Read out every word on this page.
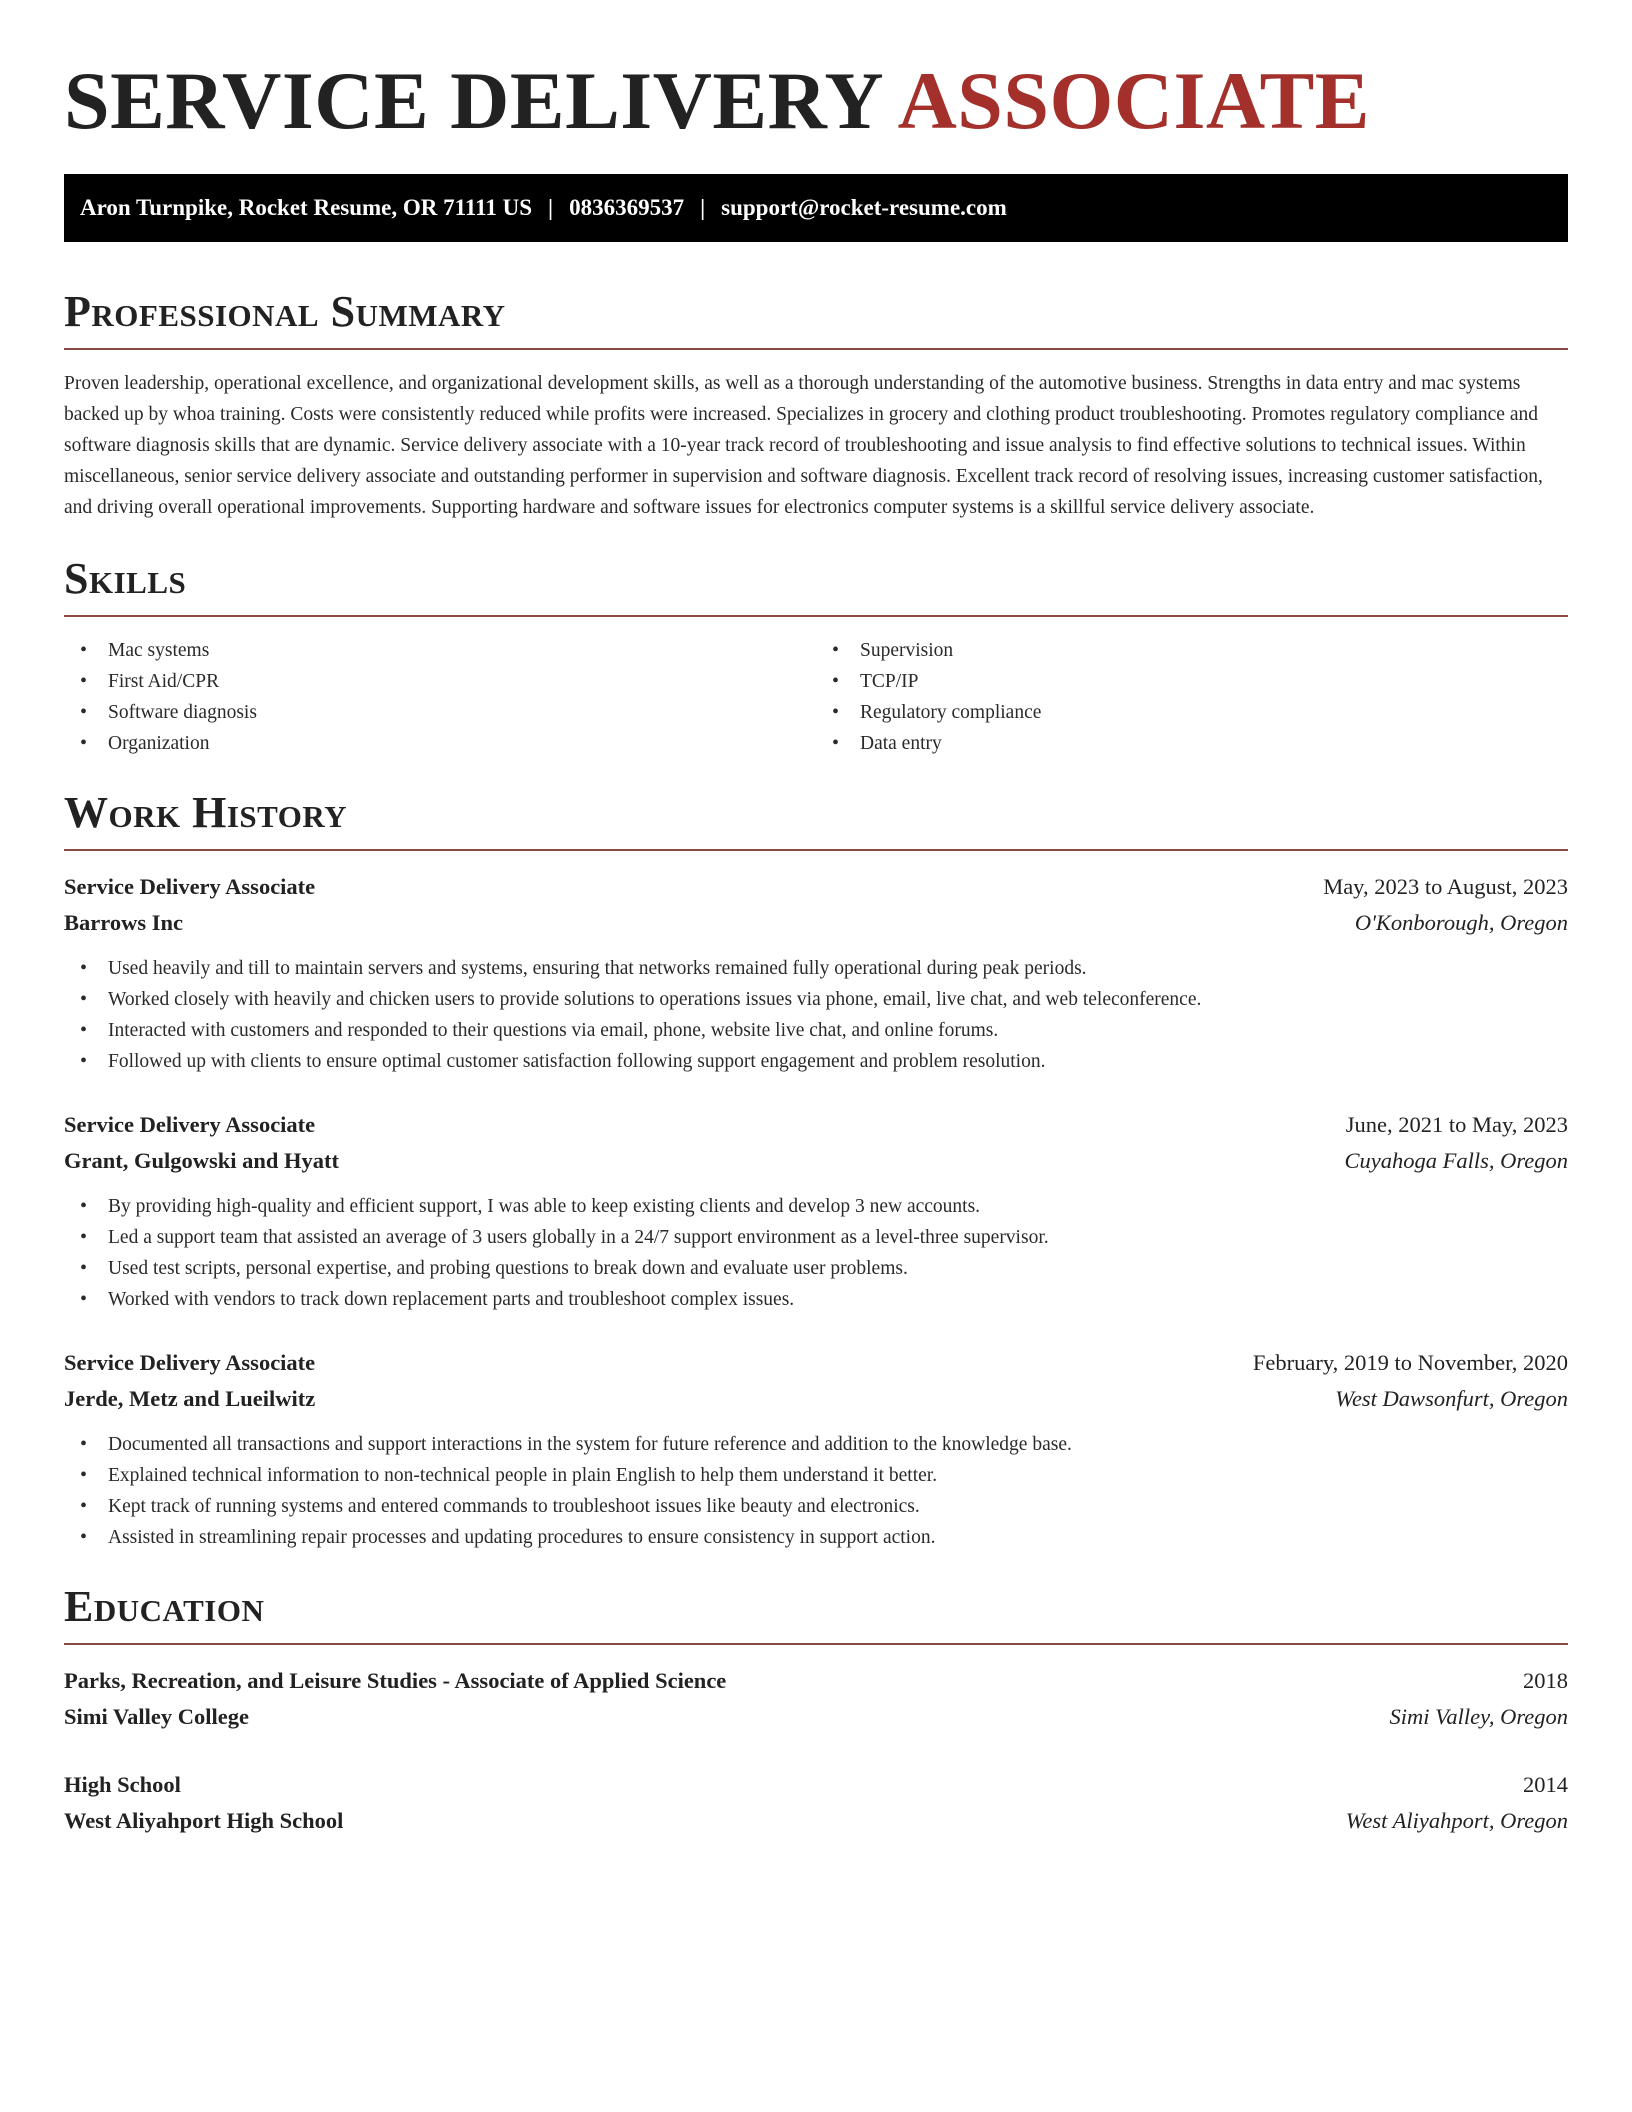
SERVICE DELIVERY ASSOCIATE
Aron Turnpike, Rocket Resume, OR 71111 US | 0836369537 | support@rocket-resume.com
Professional Summary

Proven leadership, operational excellence, and organizational development skills, as well as a thorough understanding of the automotive business. Strengths in data entry and mac systems backed up by whoa training. Costs were consistently reduced while profits were increased. Specializes in grocery and clothing product troubleshooting. Promotes regulatory compliance and software diagnosis skills that are dynamic. Service delivery associate with a 10-year track record of troubleshooting and issue analysis to find effective solutions to technical issues. Within miscellaneous, senior service delivery associate and outstanding performer in supervision and software diagnosis. Excellent track record of resolving issues, increasing customer satisfaction, and driving overall operational improvements. Supporting hardware and software issues for electronics computer systems is a skillful service delivery associate.

Skills
• Mac systems
• First Aid/CPR
• Software diagnosis
• Organization
• Supervision
• TCP/IP
• Regulatory compliance
• Data entry
Work History
Service Delivery Associate	May, 2023 to August, 2023
Barrows Inc	O'Konborough, Oregon
• Used heavily and till to maintain servers and systems, ensuring that networks remained fully operational during peak periods.
• Worked closely with heavily and chicken users to provide solutions to operations issues via phone, email, live chat, and web teleconference.
• Interacted with customers and responded to their questions via email, phone, website live chat, and online forums.
• Followed up with clients to ensure optimal customer satisfaction following support engagement and problem resolution.
Service Delivery Associate	June, 2021 to May, 2023
Grant, Gulgowski and Hyatt	Cuyahoga Falls, Oregon
• By providing high-quality and efficient support, I was able to keep existing clients and develop 3 new accounts.
• Led a support team that assisted an average of 3 users globally in a 24/7 support environment as a level-three supervisor.
• Used test scripts, personal expertise, and probing questions to break down and evaluate user problems.
• Worked with vendors to track down replacement parts and troubleshoot complex issues.
Service Delivery Associate	February, 2019 to November, 2020
Jerde, Metz and Lueilwitz	West Dawsonfurt, Oregon
• Documented all transactions and support interactions in the system for future reference and addition to the knowledge base.
• Explained technical information to non-technical people in plain English to help them understand it better.
• Kept track of running systems and entered commands to troubleshoot issues like beauty and electronics.
• Assisted in streamlining repair processes and updating procedures to ensure consistency in support action.
Education
Parks, Recreation, and Leisure Studies - Associate of Applied Science	2018
Simi Valley College	Simi Valley, Oregon
High School	2014
West Aliyahport High School	West Aliyahport, Oregon
